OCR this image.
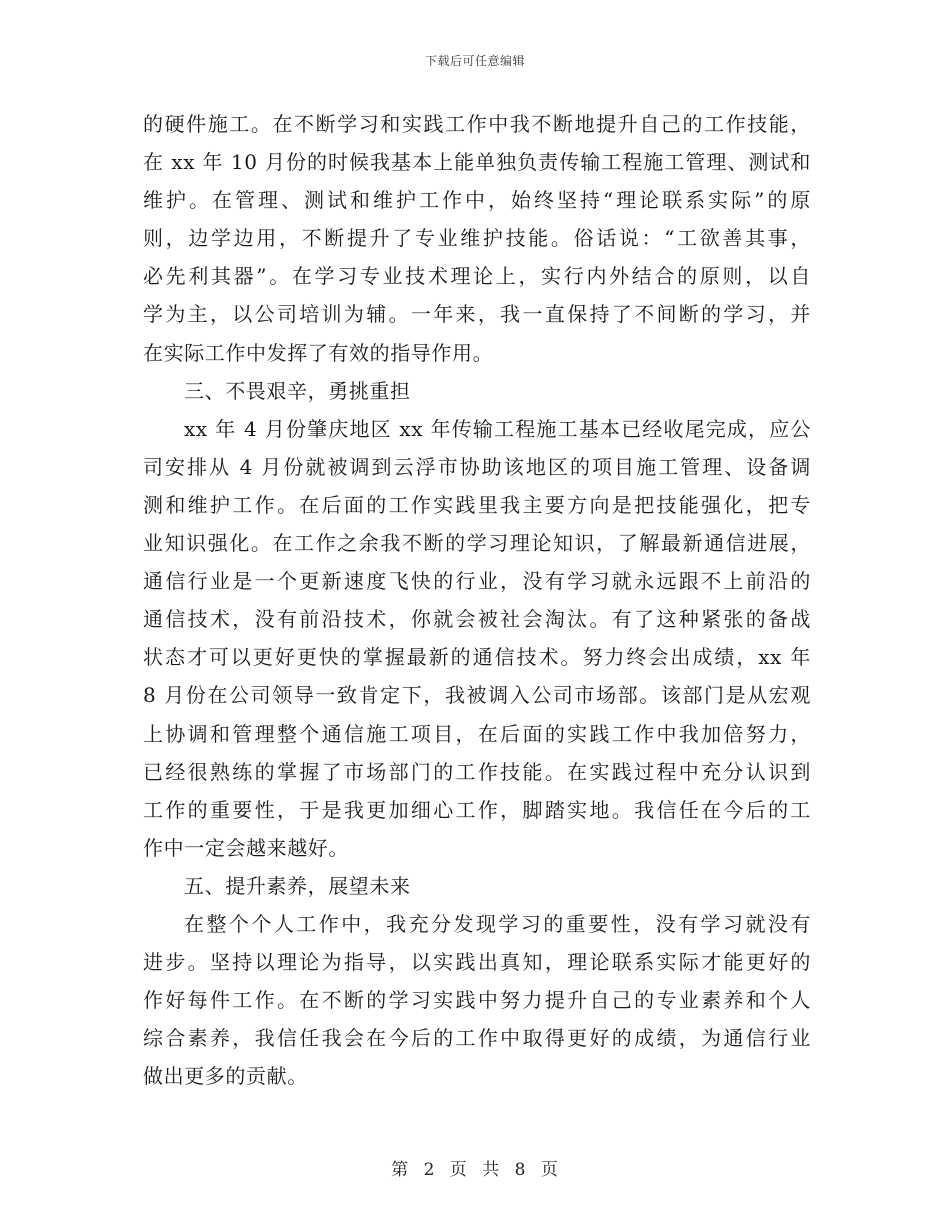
下载后可任意编辑
的硬件施工。在不断学习和实践工作中我不断地提升自己的工作技能，
在 xx 年 10 月份的时候我基本上能单独负责传输工程施工管理、测试和
维护。在管理、测试和维护工作中，始终坚持“理论联系实际”的原
则，边学边用，不断提升了专业维护技能。俗话说：“工欲善其事，
必先利其器”。在学习专业技术理论上，实行内外结合的原则，以自
学为主，以公司培训为辅。一年来，我一直保持了不间断的学习，并
在实际工作中发挥了有效的指导作用。
三、不畏艰辛，勇挑重担
xx 年 4 月份肇庆地区 xx 年传输工程施工基本已经收尾完成，应公
司安排从 4 月份就被调到云浮市协助该地区的项目施工管理、设备调
测和维护工作。在后面的工作实践里我主要方向是把技能强化，把专
业知识强化。在工作之余我不断的学习理论知识，了解最新通信进展，
通信行业是一个更新速度飞快的行业，没有学习就永远跟不上前沿的
通信技术，没有前沿技术，你就会被社会淘汰。有了这种紧张的备战
状态才可以更好更快的掌握最新的通信技术。努力终会出成绩，xx 年
8 月份在公司领导一致肯定下，我被调入公司市场部。该部门是从宏观
上协调和管理整个通信施工项目，在后面的实践工作中我加倍努力，
已经很熟练的掌握了市场部门的工作技能。在实践过程中充分认识到
工作的重要性，于是我更加细心工作，脚踏实地。我信任在今后的工
作中一定会越来越好。
五、提升素养，展望未来
在整个个人工作中，我充分发现学习的重要性，没有学习就没有
进步。坚持以理论为指导，以实践出真知，理论联系实际才能更好的
作好每件工作。在不断的学习实践中努力提升自己的专业素养和个人
综合素养，我信任我会在今后的工作中取得更好的成绩，为通信行业
做出更多的贡献。
第 2 页 共 8 页
